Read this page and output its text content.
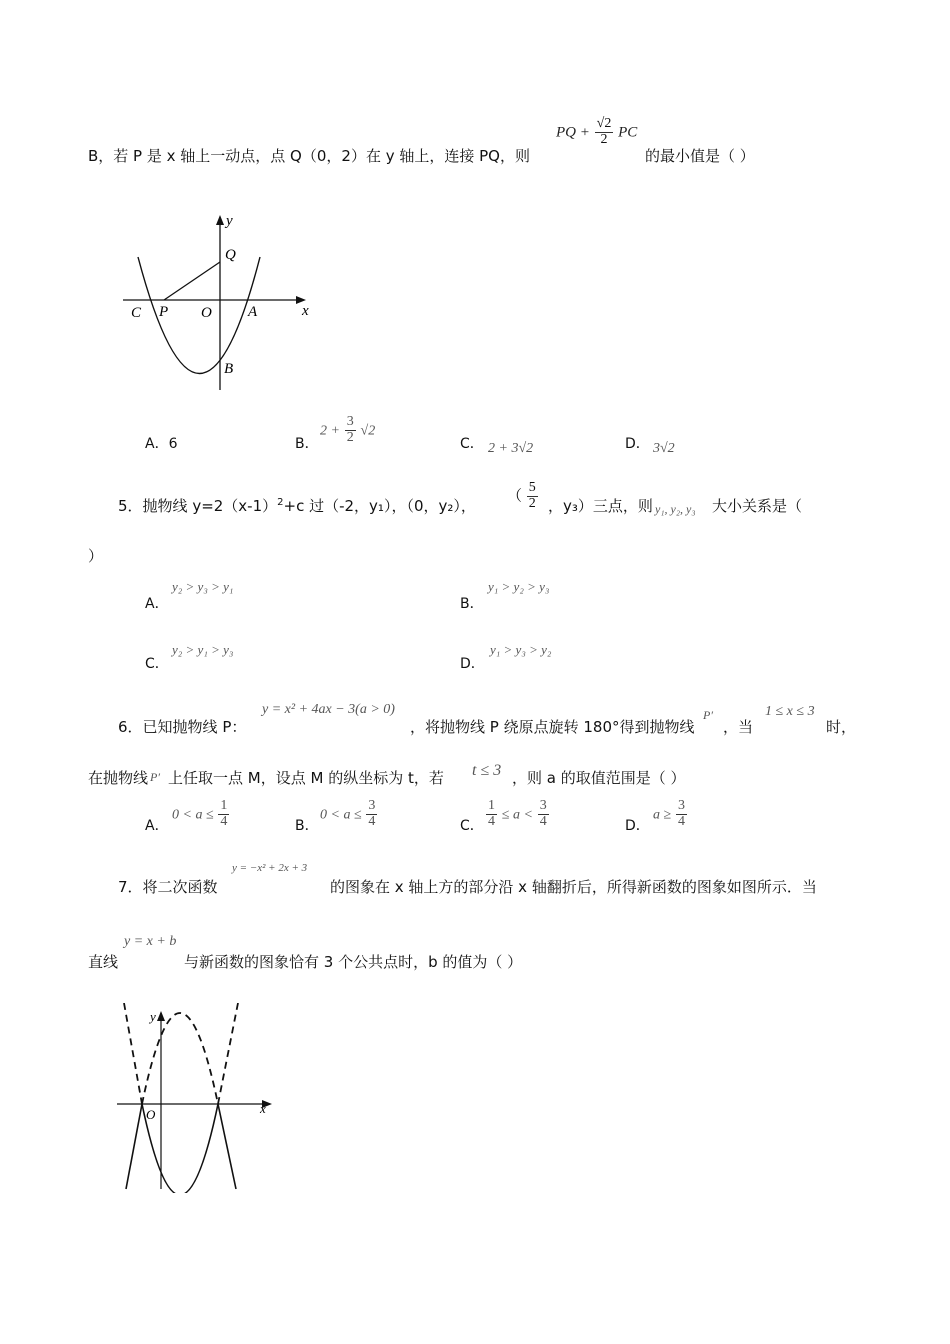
B，若 P 是 x 轴上一动点，点 Q（0，2）在 y 轴上，连接 PQ，则
PQ + $\frac{√2}{2}$ PC
的最小值是（ ）
y
Q
x
C P O A
B
A．6	B．
$2 + \frac{3}{2} √2$
C． 2 + 3√2	D． 3√2
5．抛物线 $y=2(x-1)^2+c$ 过（-2，y₁），（0，y₂），
（ $\frac{5}{2}$ ，y₃）三点，则 y₁, y₂, y₃ 大小关系是（
）
A．
y₂ > y₃ > y₁
B．
y₁ > y₂ > y₃
C．
y₂ > y₁ > y₃
D．
y₁ > y₃ > y₂
6．已知抛物线 P：
y = x² + 4ax − 3(a > 0)
，将抛物线 P 绕原点旋转 180°得到抛物线
P′
，当
1 ≤ x ≤ 3
时，
在抛物线 P′ 上任取一点 M，设点 M 的纵坐标为 t，若 t ≤ 3 ，则 a 的取值范围是（ ）
A．
$0 < a \le \frac{1}{4}$	B．
$0 < a \le \frac{3}{4}$	C． $\frac{1}{4} \le a < \frac{3}{4}$	D．
$a \ge \frac{3}{4}$
7．将二次函数
y = −x² + 2x + 3
的图象在 x 轴上方的部分沿 x 轴翻折后，所得新函数的图象如图所示．当
直线
y = x + b
与新函数的图象恰有 3 个公共点时，b 的值为（ ）
y
x
O
